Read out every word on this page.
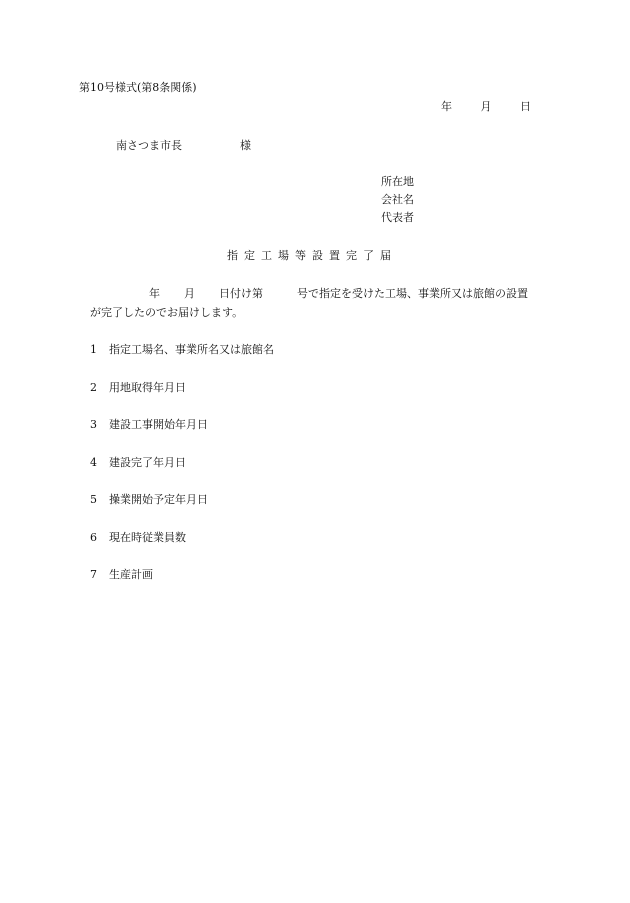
第10号様式(第8条関係)
年	月	日
南さつま市長	様
所在地
会社名
代表者
指定工場等設置完了届
年 月 日付け第	号で指定を受けた工場、事業所又は旅館の設置
が完了したのでお届けします。
1 指定工場名、事業所名又は旅館名
2 用地取得年月日
3 建設工事開始年月日
4 建設完了年月日
5 操業開始予定年月日
6 現在時従業員数
7 生産計画
